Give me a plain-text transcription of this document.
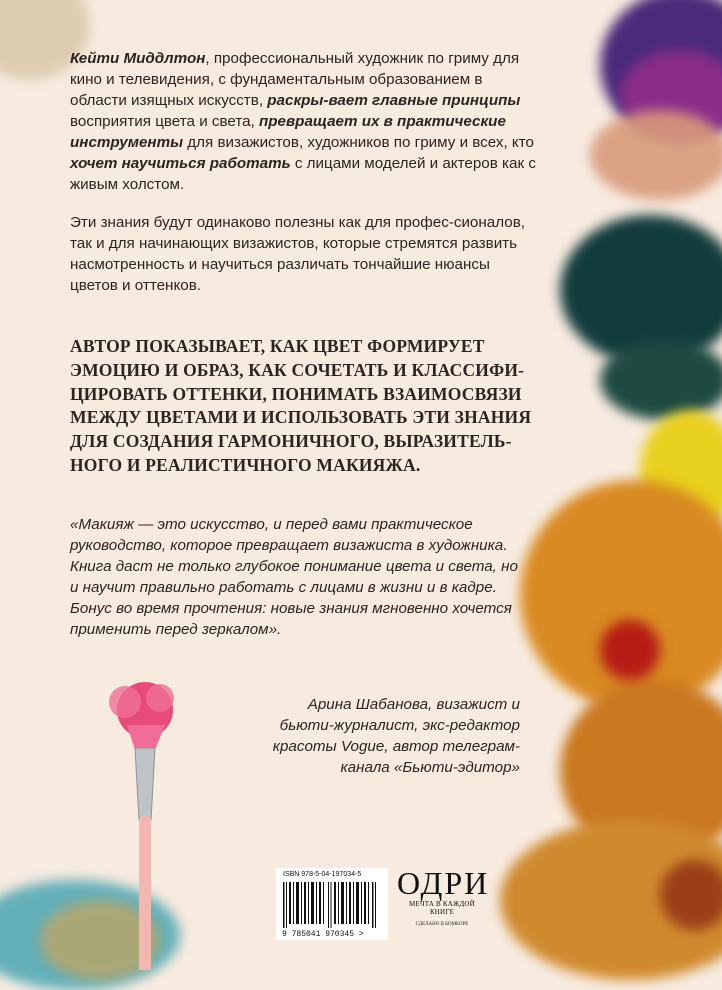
Кейти Миддлтон, профессиональный художник по гриму для кино и телевидения, с фундаментальным образованием в области изящных искусств, раскры-вает главные принципы восприятия цвета и света, превращает их в практические инструменты для визажистов, художников по гриму и всех, кто хочет научиться работать с лицами моделей и актеров как с живым холстом.
Эти знания будут одинаково полезны как для профес-сионалов, так и для начинающих визажистов, которые стремятся развить насмотренность и научиться различать тончайшие нюансы цветов и оттенков.
АВТОР ПОКАЗЫВАЕТ, КАК ЦВЕТ ФОРМИРУЕТ ЭМОЦИЮ И ОБРАЗ, КАК СОЧЕТАТЬ И КЛАССИФИ-ЦИРОВАТЬ ОТТЕНКИ, ПОНИМАТЬ ВЗАИМОСВЯЗИ МЕЖДУ ЦВЕТАМИ И ИСПОЛЬЗОВАТЬ ЭТИ ЗНАНИЯ ДЛЯ СОЗДАНИЯ ГАРМОНИЧНОГО, ВЫРАЗИТЕЛЬ-НОГО И РЕАЛИСТИЧНОГО МАКИЯЖА.
«Макияж — это искусство, и перед вами практическое руководство, которое превращает визажиста в художника. Книга даст не только глубокое понимание цвета и света, но и научит правильно работать с лицами в жизни и в кадре. Бонус во время прочтения: новые знания мгновенно хочется применить перед зеркалом».
Арина Шабанова, визажист и бьюти-журналист, экс-редактор красоты Vogue, автор телеграм-канала «Бьюти-эдитор»
ISBN 978-5-04-197034-5
9 785041 970345 >
ОДРИ
МЕЧТА В КАЖДОЙ КНИГЕ
СДЕЛАНО В БОМБОРЕ
